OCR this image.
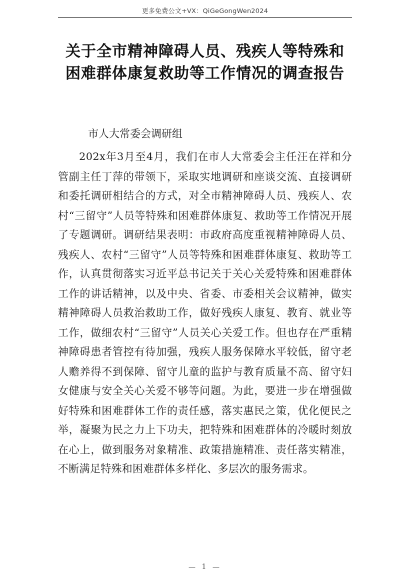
更多免费公文+VX：QiGeGongWen2024
关于全市精神障碍人员、残疾人等特殊和
困难群体康复救助等工作情况的调查报告
市人大常委会调研组

202x年3月至4月，我们在市人大常委会主任汪在祥和分管副主任丁萍的带领下，采取实地调研和座谈交流、直接调研和委托调研相结合的方式，对全市精神障碍人员、残疾人、农村“三留守”人员等特殊和困难群体康复、救助等工作情况开展了专题调研。调研结果表明：市政府高度重视精神障碍人员、残疾人、农村“三留守”人员等特殊和困难群体康复、救助等工作，认真贯彻落实习近平总书记关于关心关爱特殊和困难群体工作的讲话精神，以及中央、省委、市委相关会议精神，做实精神障碍人员救治救助工作，做好残疾人康复、教育、就业等工作，做细农村“三留守”人员关心关爱工作。但也存在严重精神障碍患者管控有待加强，残疾人服务保障水平较低，留守老人赡养得不到保障、留守儿童的监护与教育质量不高、留守妇女健康与安全关心关爱不够等问题。为此，要进一步在增强做好特殊和困难群体工作的责任感，落实惠民之策，优化便民之举，凝聚为民之力上下功夫，把特殊和困难群体的冷暖时刻放在心上，做到服务对象精准、政策措施精准、责任落实精准，不断满足特殊和困难群体多样化、多层次的服务需求。

— 1 —
